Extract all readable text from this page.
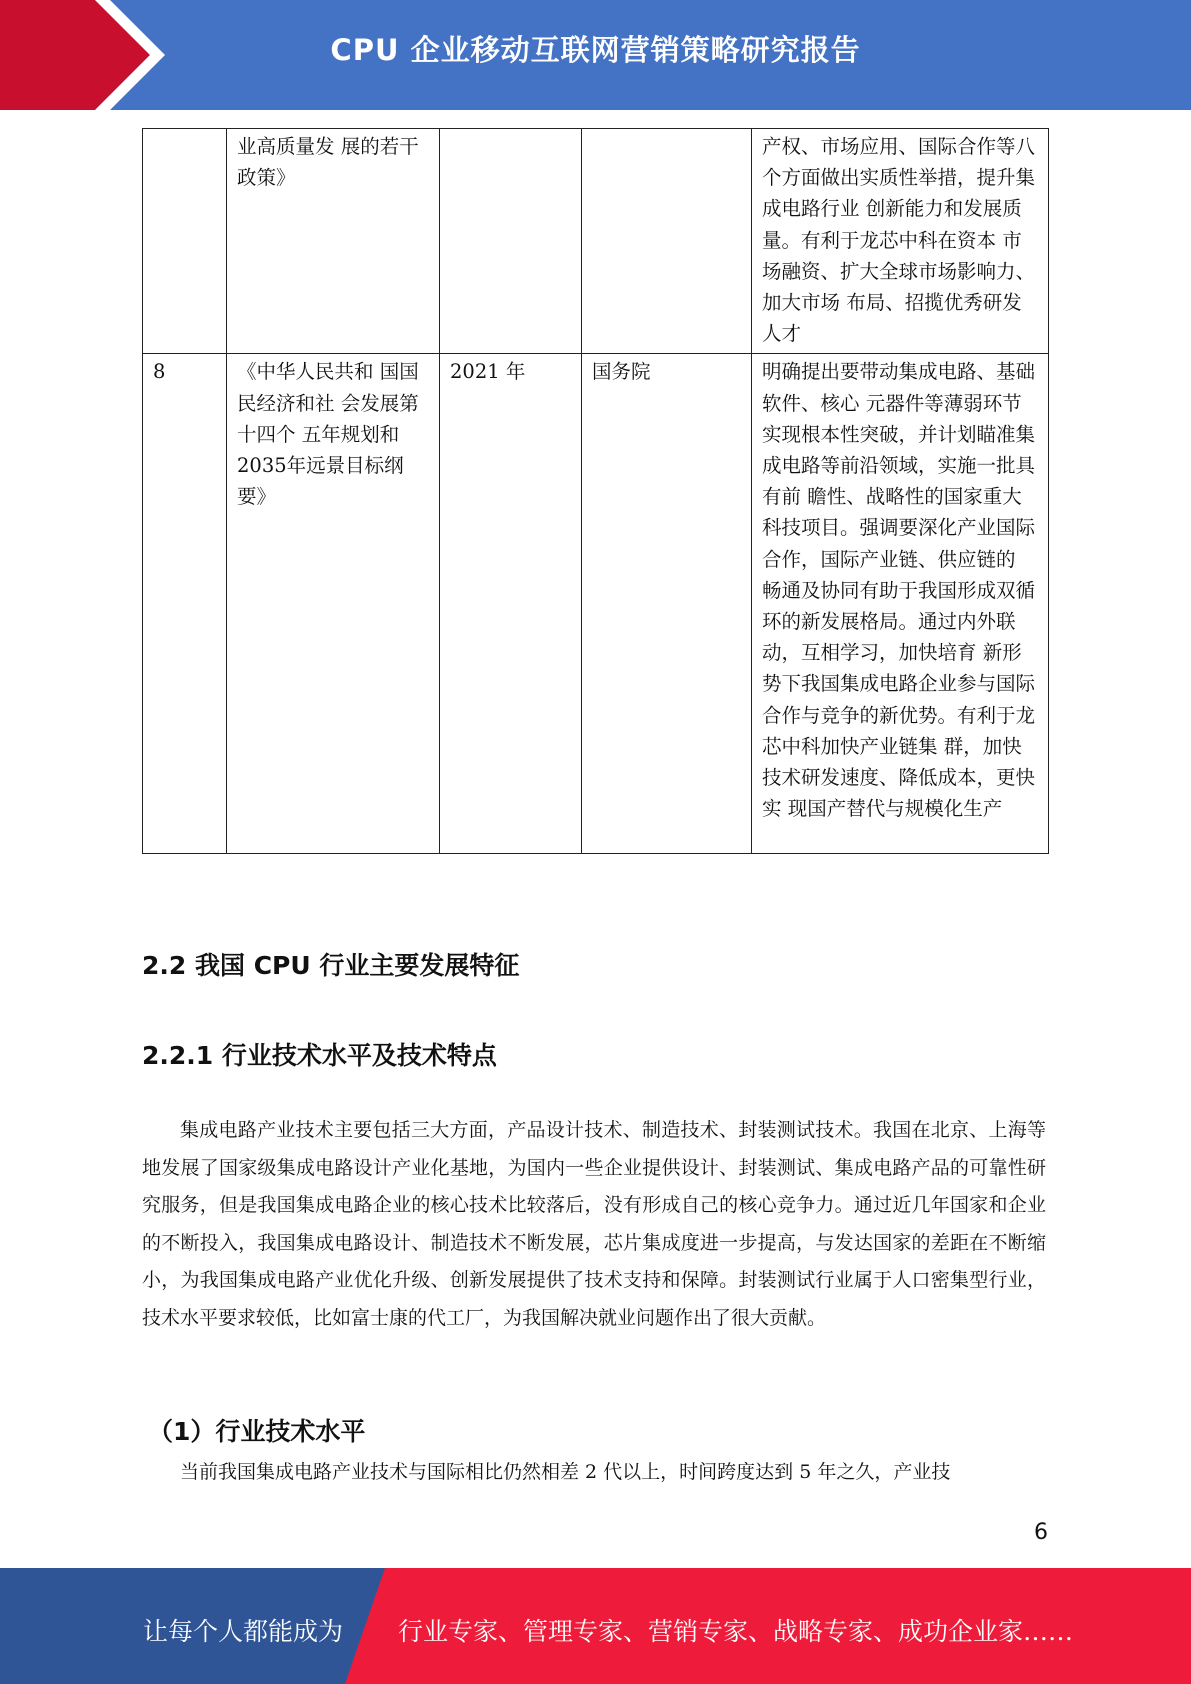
CPU 企业移动互联网营销策略研究报告
	业高质量发 展的若干政策》			产权、市场应用、国际合作等八 个方面做出实质性举措，提升集成电路行业 创新能力和发展质量。有利于龙芯中科在资本 市场融资、扩大全球市场影响力、加大市场 布局、招揽优秀研发人才
8	《中华人民共和 国国民经济和社 会发展第十四个 五年规划和2035年远景目标纲要》	2021 年	国务院	明确提出要带动集成电路、基础软件、核心 元器件等薄弱环节实现根本性突破，并计划瞄准集成电路等前沿领域，实施一批具有前 瞻性、战略性的国家重大科技项目。强调要深化产业国际合作，国际产业链、供应链的 畅通及协同有助于我国形成双循环的新发展格局。通过内外联动，互相学习，加快培育 新形势下我国集成电路企业参与国际合作与竞争的新优势。有利于龙芯中科加快产业链集 群，加快技术研发速度、降低成本，更快实 现国产替代与规模化生产
2.2 我国 CPU 行业主要发展特征
2.2.1 行业技术水平及技术特点
集成电路产业技术主要包括三大方面，产品设计技术、制造技术、封装测试技术。我国在北京、上海等地发展了国家级集成电路设计产业化基地，为国内一些企业提供设计、封装测试、集成电路产品的可靠性研究服务，但是我国集成电路企业的核心技术比较落后，没有形成自己的核心竞争力。通过近几年国家和企业的不断投入，我国集成电路设计、制造技术不断发展，芯片集成度进一步提高，与发达国家的差距在不断缩小，为我国集成电路产业优化升级、创新发展提供了技术支持和保障。封装测试行业属于人口密集型行业，技术水平要求较低，比如富士康的代工厂，为我国解决就业问题作出了很大贡献。
（1）行业技术水平
当前我国集成电路产业技术与国际相比仍然相差 2 代以上，时间跨度达到 5 年之久，产业技
6
让每个人都能成为 行业专家、管理专家、营销专家、战略专家、成功企业家……
